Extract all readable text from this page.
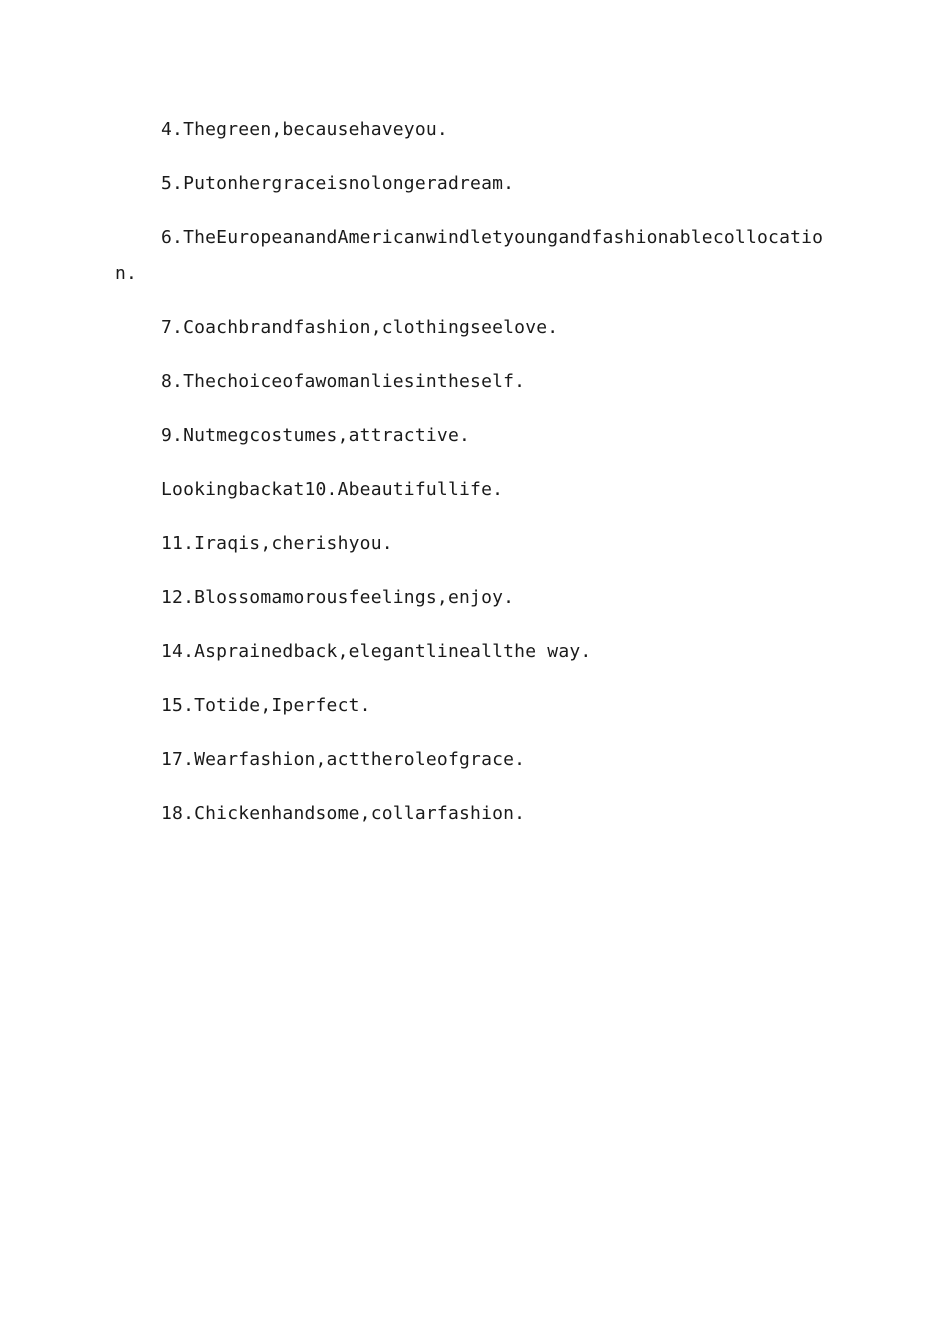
4.Thegreen,becausehaveyou.

5.Putonhergraceisnolongeradream.

6.TheEuropeanandAmericanwindletyoungandfashionablecollocation.

7.Coachbrandfashion,clothingseelove.

8.Thechoiceofawomanliesintheself.

9.Nutmegcostumes,attractive.

Lookingbackat10.Abeautifullife.

11.Iraqis,cherishyou.

12.Blossomamorousfeelings,enjoy.

14.Asprainedback,elegantlineallthe way.

15.Totide,Iperfect.

17.Wearfashion,acttheroleofgrace.

18.Chickenhandsome,collarfashion.
